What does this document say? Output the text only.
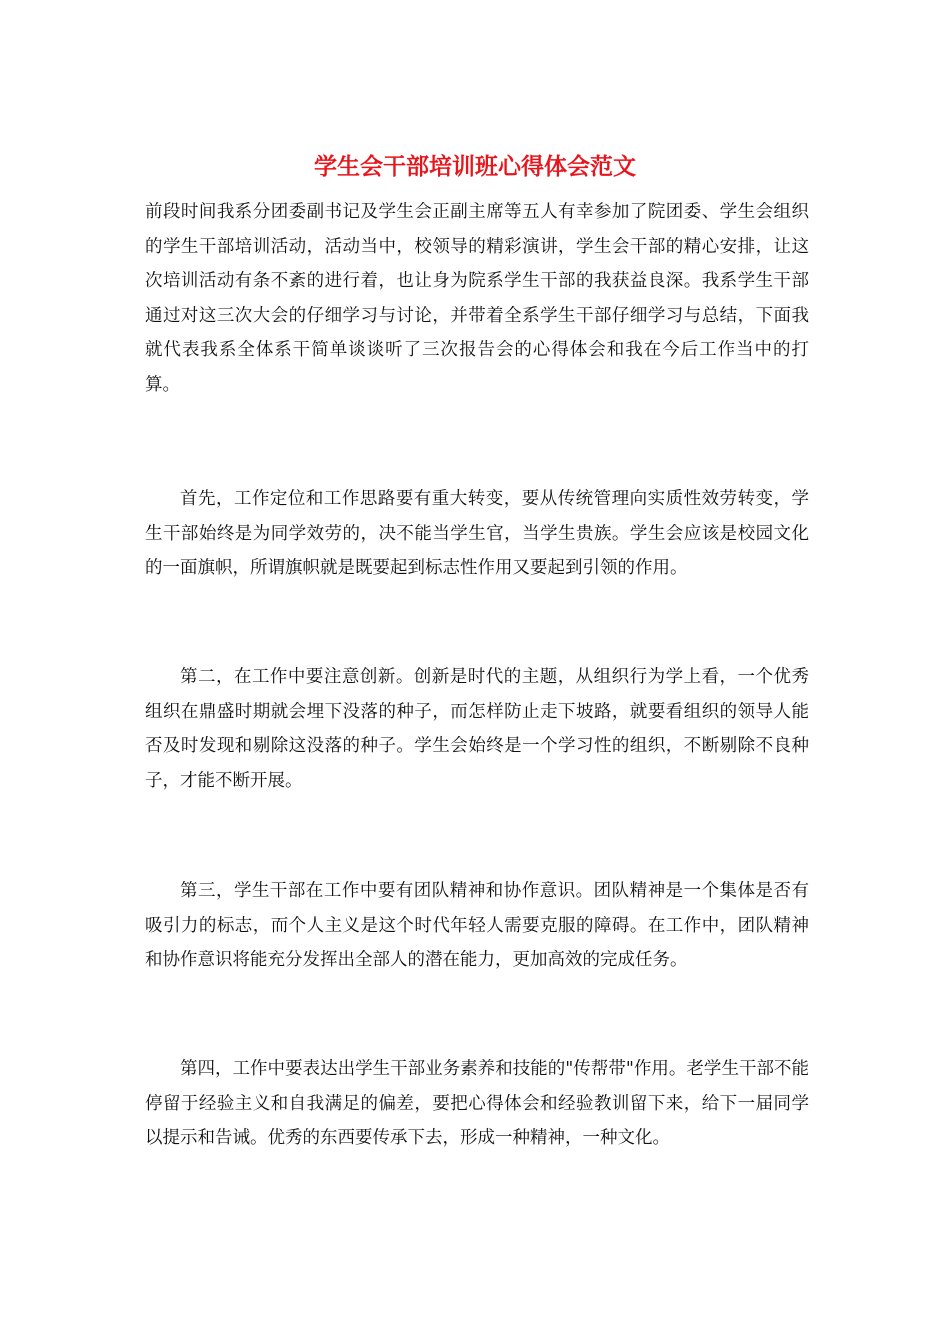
学生会干部培训班心得体会范文

前段时间我系分团委副书记及学生会正副主席等五人有幸参加了院团委、学生会组织的学生干部培训活动，活动当中，校领导的精彩演讲，学生会干部的精心安排，让这次培训活动有条不紊的进行着，也让身为院系学生干部的我获益良深。我系学生干部通过对这三次大会的仔细学习与讨论，并带着全系学生干部仔细学习与总结，下面我就代表我系全体系干简单谈谈听了三次报告会的心得体会和我在今后工作当中的打算。

首先，工作定位和工作思路要有重大转变，要从传统管理向实质性效劳转变，学生干部始终是为同学效劳的，决不能当学生官，当学生贵族。学生会应该是校园文化的一面旗帜，所谓旗帜就是既要起到标志性作用又要起到引领的作用。

第二，在工作中要注意创新。创新是时代的主题，从组织行为学上看，一个优秀组织在鼎盛时期就会埋下没落的种子，而怎样防止走下坡路，就要看组织的领导人能否及时发现和剔除这没落的种子。学生会始终是一个学习性的组织，不断剔除不良种子，才能不断开展。

第三，学生干部在工作中要有团队精神和协作意识。团队精神是一个集体是否有吸引力的标志，而个人主义是这个时代年轻人需要克服的障碍。在工作中，团队精神和协作意识将能充分发挥出全部人的潜在能力，更加高效的完成任务。

第四，工作中要表达出学生干部业务素养和技能的"传帮带"作用。老学生干部不能停留于经验主义和自我满足的偏差，要把心得体会和经验教训留下来，给下一届同学以提示和告诫。优秀的东西要传承下去，形成一种精神，一种文化。
